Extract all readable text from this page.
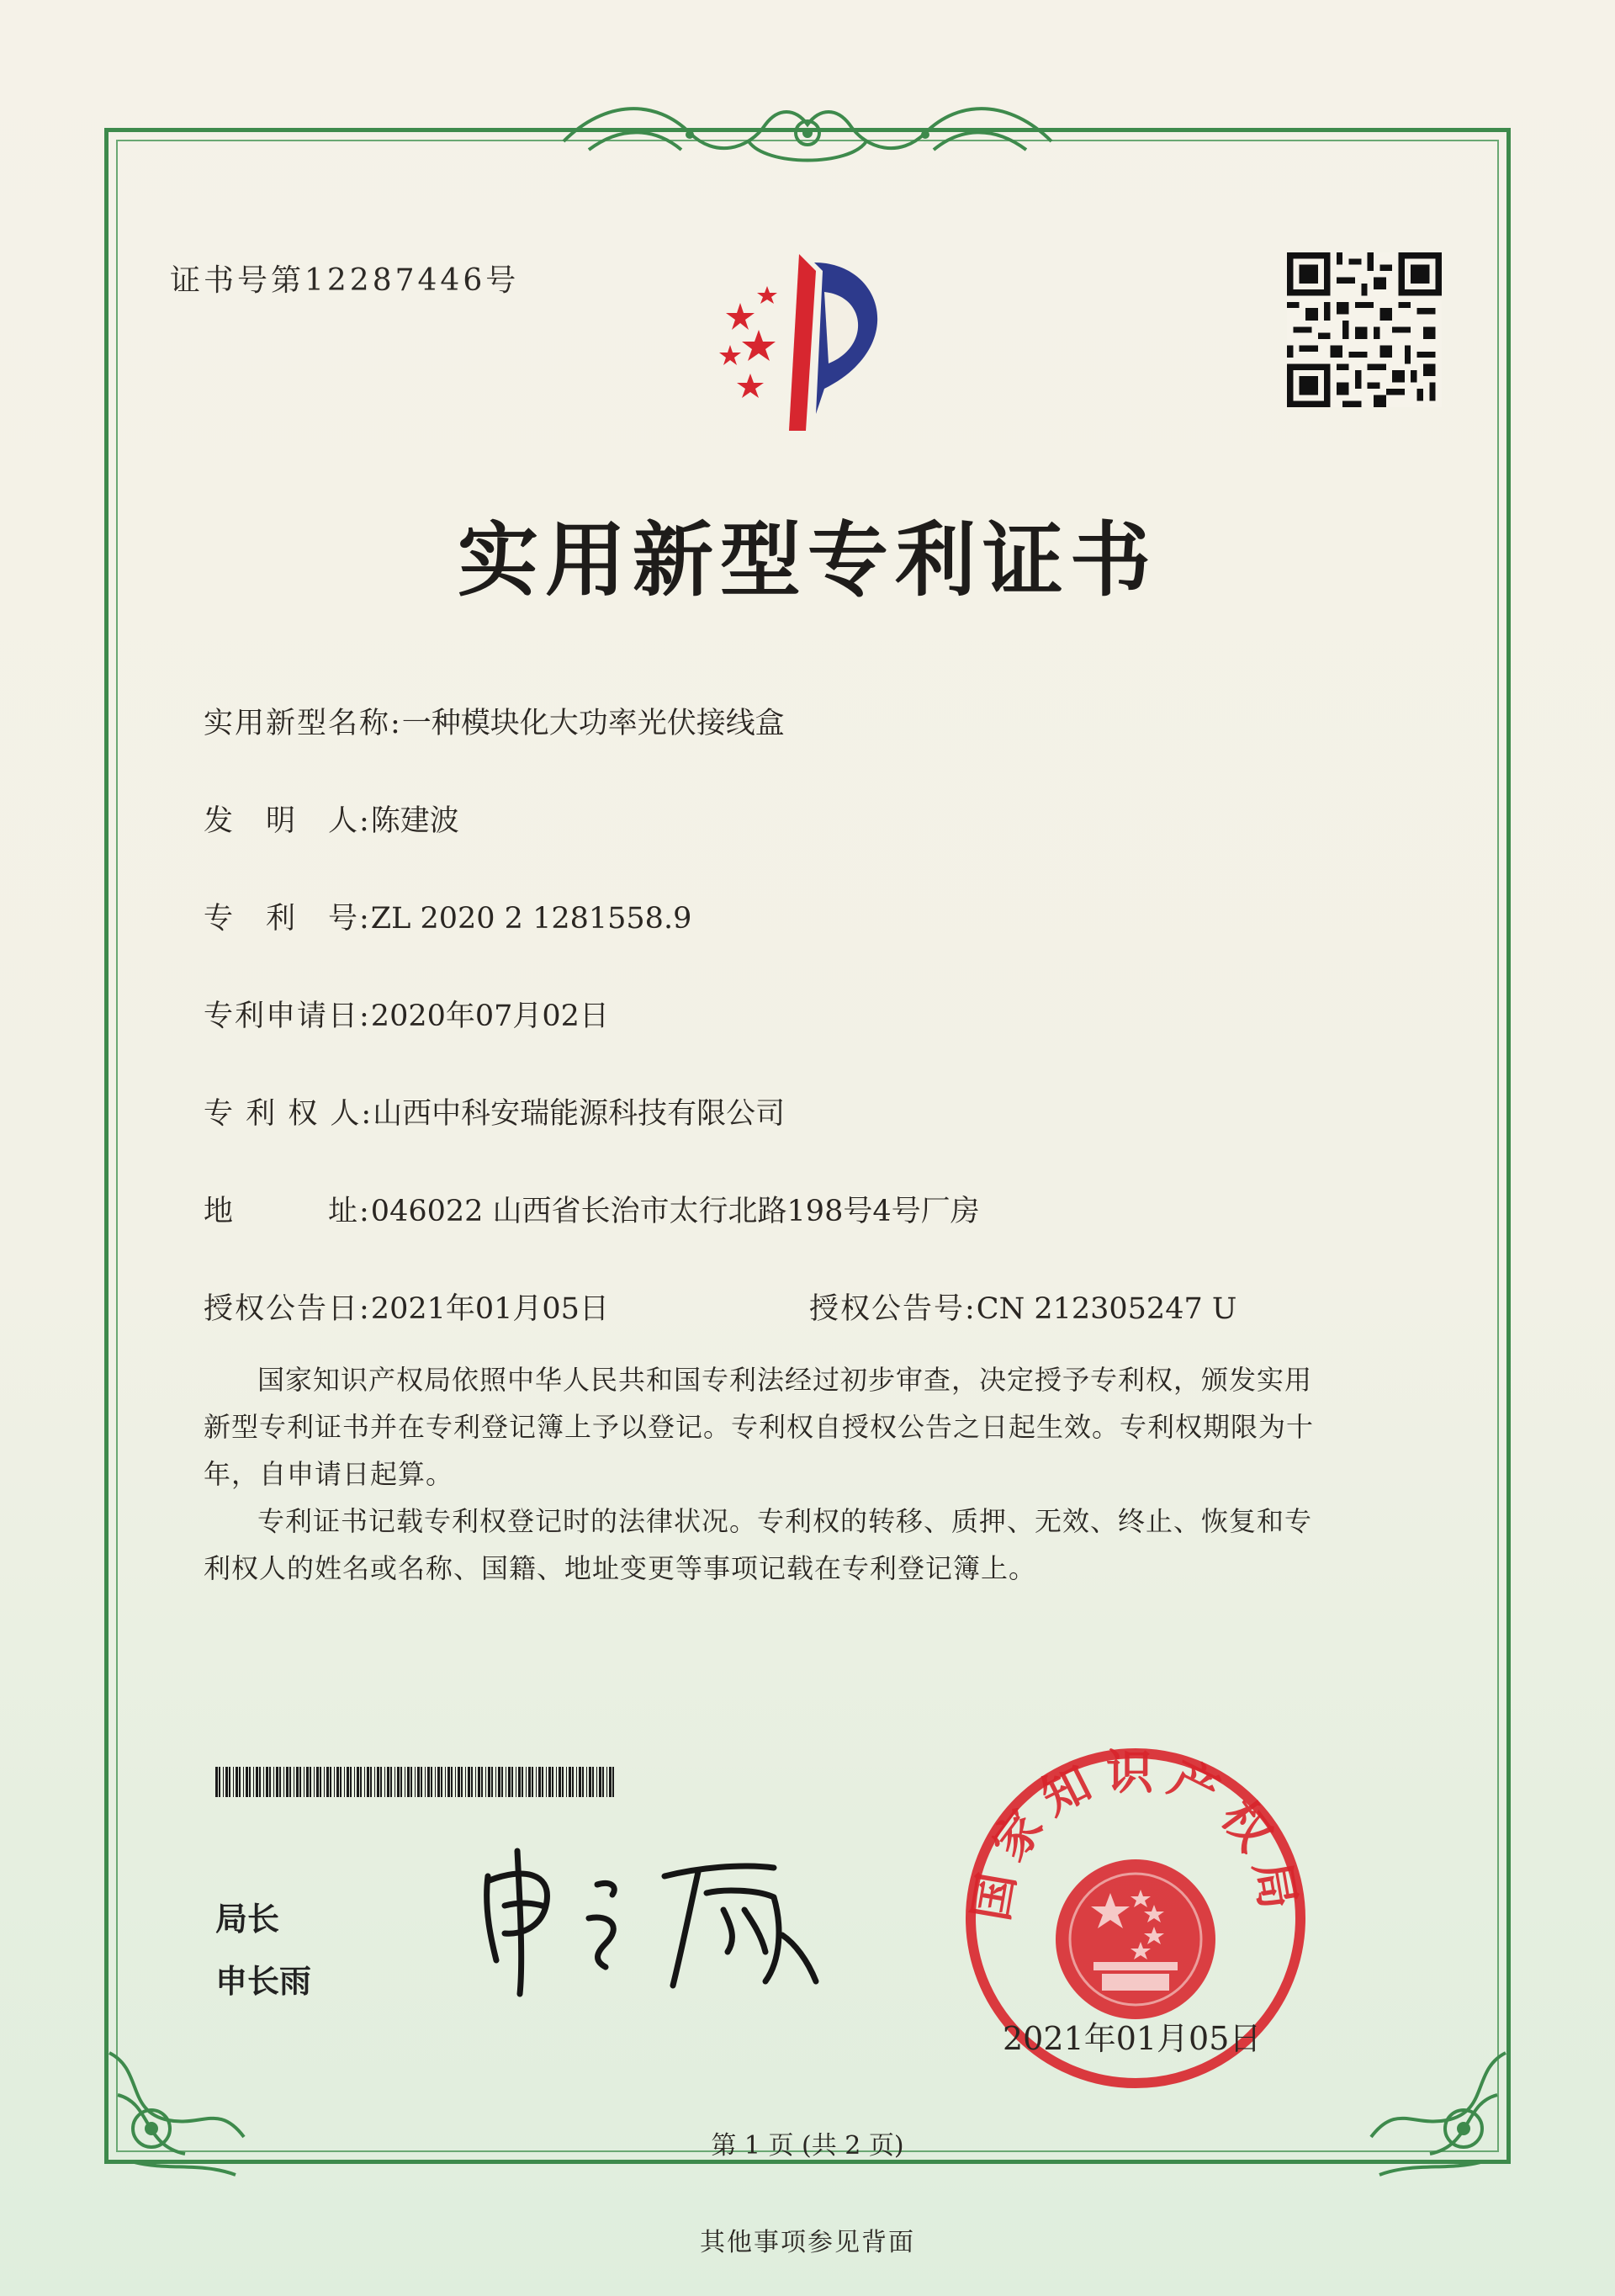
证书号第12287446号
实用新型专利证书
实用新型名称:一种模块化大功率光伏接线盒
发　明　人:陈建波
专　利　号:ZL 2020 2 1281558.9
专利申请日:2020年07月02日
专 利 权 人:山西中科安瑞能源科技有限公司
地　　　址:046022 山西省长治市太行北路198号4号厂房
授权公告日:2021年01月05日	授权公告号:CN 212305247 U
国家知识产权局依照中华人民共和国专利法经过初步审查，决定授予专利权，颁发实用
新型专利证书并在专利登记簿上予以登记。专利权自授权公告之日起生效。专利权期限为十
年，自申请日起算。
专利证书记载专利权登记时的法律状况。专利权的转移、质押、无效、终止、恢复和专
利权人的姓名或名称、国籍、地址变更等事项记载在专利登记簿上。
局长
申长雨
国家知识产权局
2021年01月05日
第 1 页 (共 2 页)
其他事项参见背面
